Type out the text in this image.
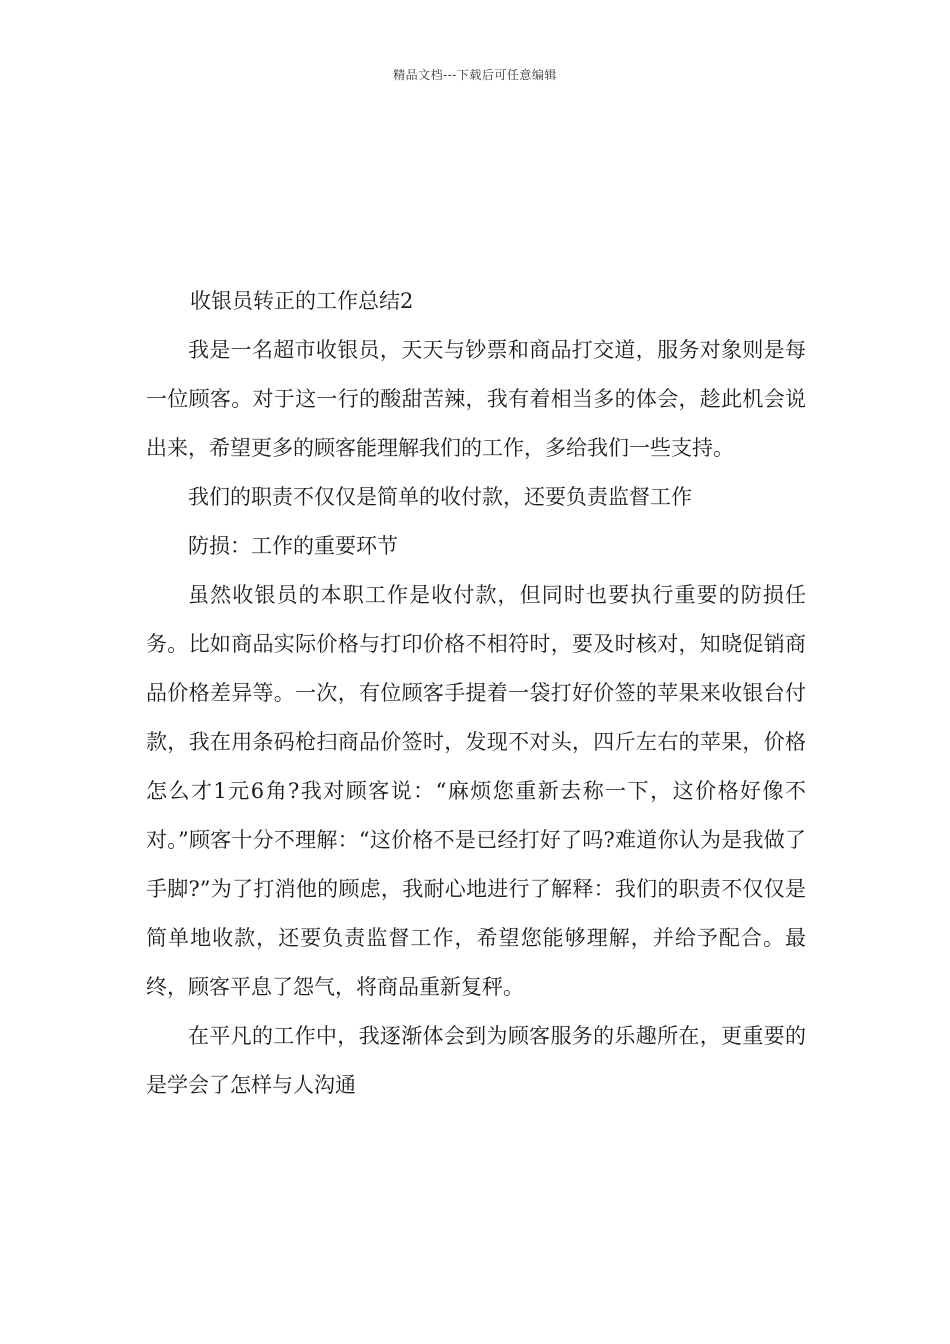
精品文档---下载后可任意编辑
收银员转正的工作总结2

我是一名超市收银员，天天与钞票和商品打交道，服务对象则是每一位顾客。对于这一行的酸甜苦辣，我有着相当多的体会，趁此机会说出来，希望更多的顾客能理解我们的工作，多给我们一些支持。

我们的职责不仅仅是简单的收付款，还要负责监督工作

防损：工作的重要环节

虽然收银员的本职工作是收付款，但同时也要执行重要的防损任务。比如商品实际价格与打印价格不相符时，要及时核对，知晓促销商品价格差异等。一次，有位顾客手提着一袋打好价签的苹果来收银台付款，我在用条码枪扫商品价签时，发现不对头，四斤左右的苹果，价格怎么才1元6角?我对顾客说：“麻烦您重新去称一下，这价格好像不对。”顾客十分不理解：“这价格不是已经打好了吗?难道你认为是我做了手脚?”为了打消他的顾虑，我耐心地进行了解释：我们的职责不仅仅是简单地收款，还要负责监督工作，希望您能够理解，并给予配合。最终，顾客平息了怨气，将商品重新复秤。

在平凡的工作中，我逐渐体会到为顾客服务的乐趣所在，更重要的是学会了怎样与人沟通
